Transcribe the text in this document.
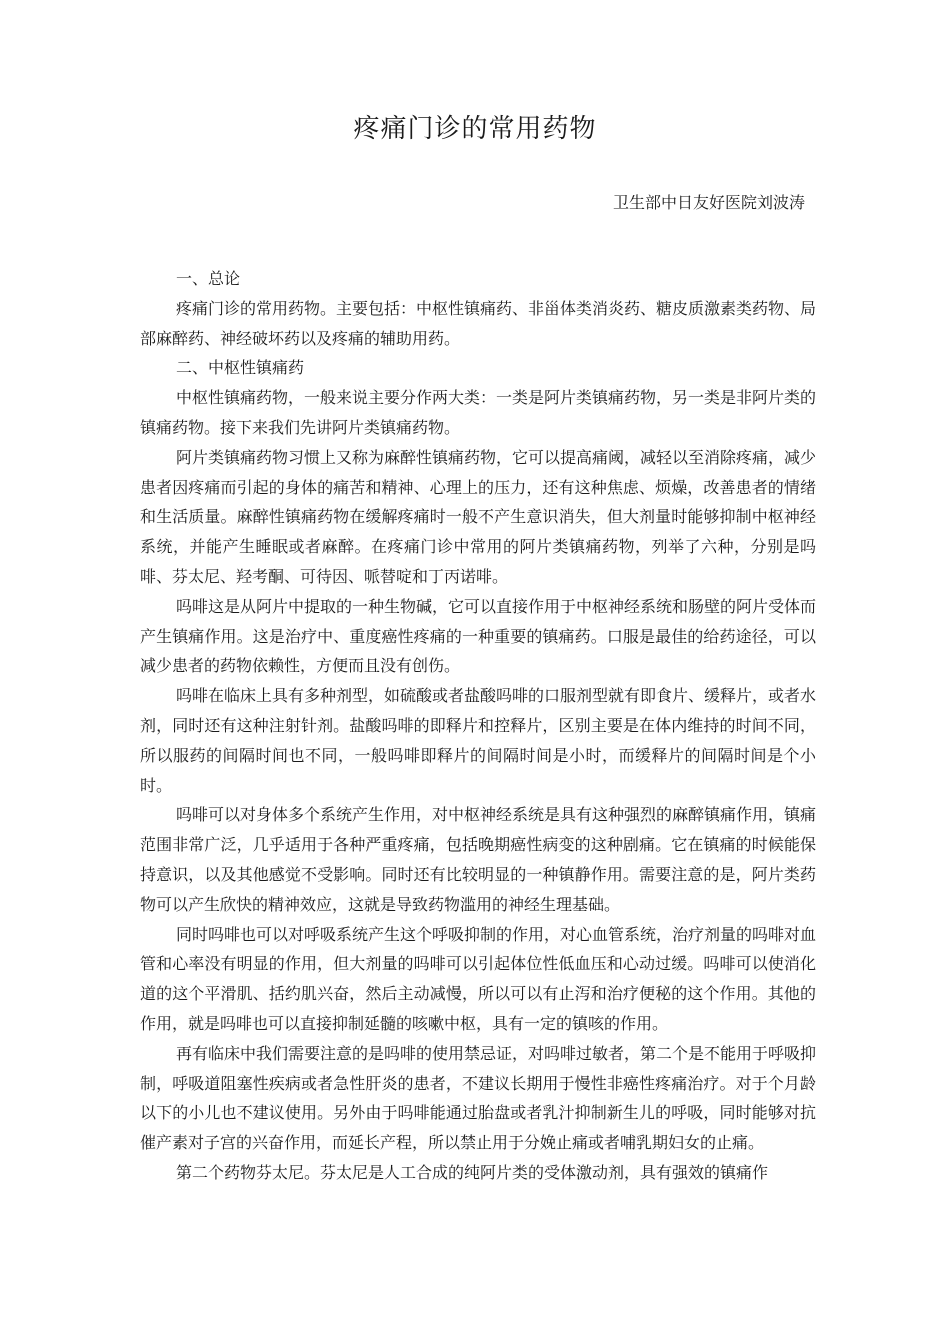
疼痛门诊的常用药物
卫生部中日友好医院刘波涛

一、总论

疼痛门诊的常用药物。主要包括：中枢性镇痛药、非甾体类消炎药、糖皮质激素类药物、局部麻醉药、神经破坏药以及疼痛的辅助用药。

二、中枢性镇痛药

中枢性镇痛药物，一般来说主要分作两大类：一类是阿片类镇痛药物，另一类是非阿片类的镇痛药物。接下来我们先讲阿片类镇痛药物。

阿片类镇痛药物习惯上又称为麻醉性镇痛药物，它可以提高痛阈，减轻以至消除疼痛，减少患者因疼痛而引起的身体的痛苦和精神、心理上的压力，还有这种焦虑、烦燥，改善患者的情绪和生活质量。麻醉性镇痛药物在缓解疼痛时一般不产生意识消失，但大剂量时能够抑制中枢神经系统，并能产生睡眠或者麻醉。在疼痛门诊中常用的阿片类镇痛药物，列举了六种，分别是吗啡、芬太尼、羟考酮、可待因、哌替啶和丁丙诺啡。

吗啡这是从阿片中提取的一种生物碱，它可以直接作用于中枢神经系统和肠壁的阿片受体而产生镇痛作用。这是治疗中、重度癌性疼痛的一种重要的镇痛药。口服是最佳的给药途径，可以减少患者的药物依赖性，方便而且没有创伤。

吗啡在临床上具有多种剂型，如硫酸或者盐酸吗啡的口服剂型就有即食片、缓释片，或者水剂，同时还有这种注射针剂。盐酸吗啡的即释片和控释片，区别主要是在体内维持的时间不同，所以服药的间隔时间也不同，一般吗啡即释片的间隔时间是小时，而缓释片的间隔时间是个小时。

吗啡可以对身体多个系统产生作用，对中枢神经系统是具有这种强烈的麻醉镇痛作用，镇痛范围非常广泛，几乎适用于各种严重疼痛，包括晚期癌性病变的这种剧痛。它在镇痛的时候能保持意识，以及其他感觉不受影响。同时还有比较明显的一种镇静作用。需要注意的是，阿片类药物可以产生欣快的精神效应，这就是导致药物滥用的神经生理基础。

同时吗啡也可以对呼吸系统产生这个呼吸抑制的作用，对心血管系统，治疗剂量的吗啡对血管和心率没有明显的作用，但大剂量的吗啡可以引起体位性低血压和心动过缓。吗啡可以使消化道的这个平滑肌、括约肌兴奋，然后主动减慢，所以可以有止泻和治疗便秘的这个作用。其他的作用，就是吗啡也可以直接抑制延髓的咳嗽中枢，具有一定的镇咳的作用。

再有临床中我们需要注意的是吗啡的使用禁忌证，对吗啡过敏者，第二个是不能用于呼吸抑制，呼吸道阻塞性疾病或者急性肝炎的患者，不建议长期用于慢性非癌性疼痛治疗。对于个月龄以下的小儿也不建议使用。另外由于吗啡能通过胎盘或者乳汁抑制新生儿的呼吸，同时能够对抗催产素对子宫的兴奋作用，而延长产程，所以禁止用于分娩止痛或者哺乳期妇女的止痛。

第二个药物芬太尼。芬太尼是人工合成的纯阿片类的受体激动剂，具有强效的镇痛作
